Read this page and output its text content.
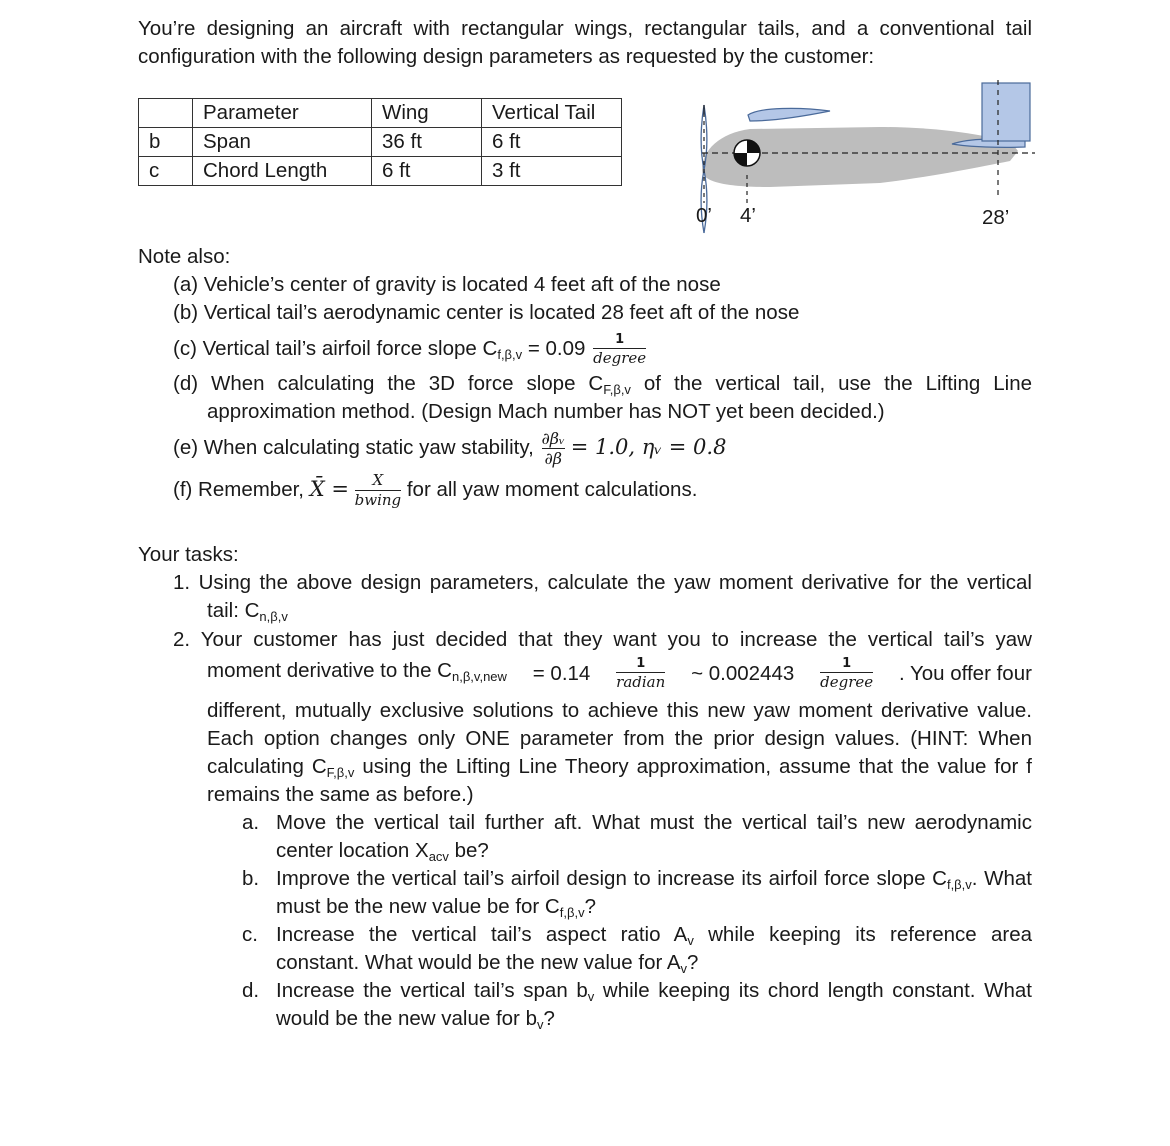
You’re designing an aircraft with rectangular wings, rectangular tails, and a conventional tail
configuration with the following design parameters as requested by the customer:
	Parameter	Wing	Vertical Tail
b	Span	36 ft	6 ft
c	Chord Length	6 ft	3 ft
0’ 4’	28’
Note also:
(a) Vehicle’s center of gravity is located 4 feet aft of the nose
(b) Vertical tail’s aerodynamic center is located 28 feet aft of the nose
(c) Vertical tail’s airfoil force slope $C_{f,\beta,v} = 0.09 \frac{1}{\text{degree}}$
(d) When calculating the 3D force slope $C_{F,\beta,v}$ of the vertical tail, use the Lifting Line
approximation method. (Design Mach number has NOT yet been decided.)
(e) When calculating static yaw stability, $\frac{\text{∂βᵥ}}{\partial\beta} = 1.0$, ηᵥ = 0.8
(f) Remember, X̄ = $\frac{X}{\text{bwing}}$ for all yaw moment calculations.
Your tasks:
1. Using the above design parameters, calculate the yaw moment derivative for the vertical
tail: $C_{n,\beta,v}$
2. Your customer has just decided that they want you to increase the vertical tail’s yaw
moment derivative to the $C_{n,\beta,v,new} = 0.14 \frac{1}{\text{radian}}$ ~ $0.002443 \frac{1}{\text{degree}}$ . You offer four
different, mutually exclusive solutions to achieve this new yaw moment derivative value.
Each option changes only ONE parameter from the prior design values. (HINT: When
calculating $C_{F,\beta,v}$ using the Lifting Line Theory approximation, assume that the value for f
remains the same as before.)
a. Move the vertical tail further aft. What must the vertical tail’s new aerodynamic
center location $X_{acv}$ be?
b. Improve the vertical tail’s airfoil design to increase its airfoil force slope $C_{f,\beta,v}$. What
must be the new value be for $C_{f,\beta,v}$?
c. Increase the vertical tail’s aspect ratio $A_v$ while keeping its reference area
constant. What would be the new value for $A_v$?
d. Increase the vertical tail’s span $b_v$ while keeping its chord length constant. What
would be the new value for $b_v$?
